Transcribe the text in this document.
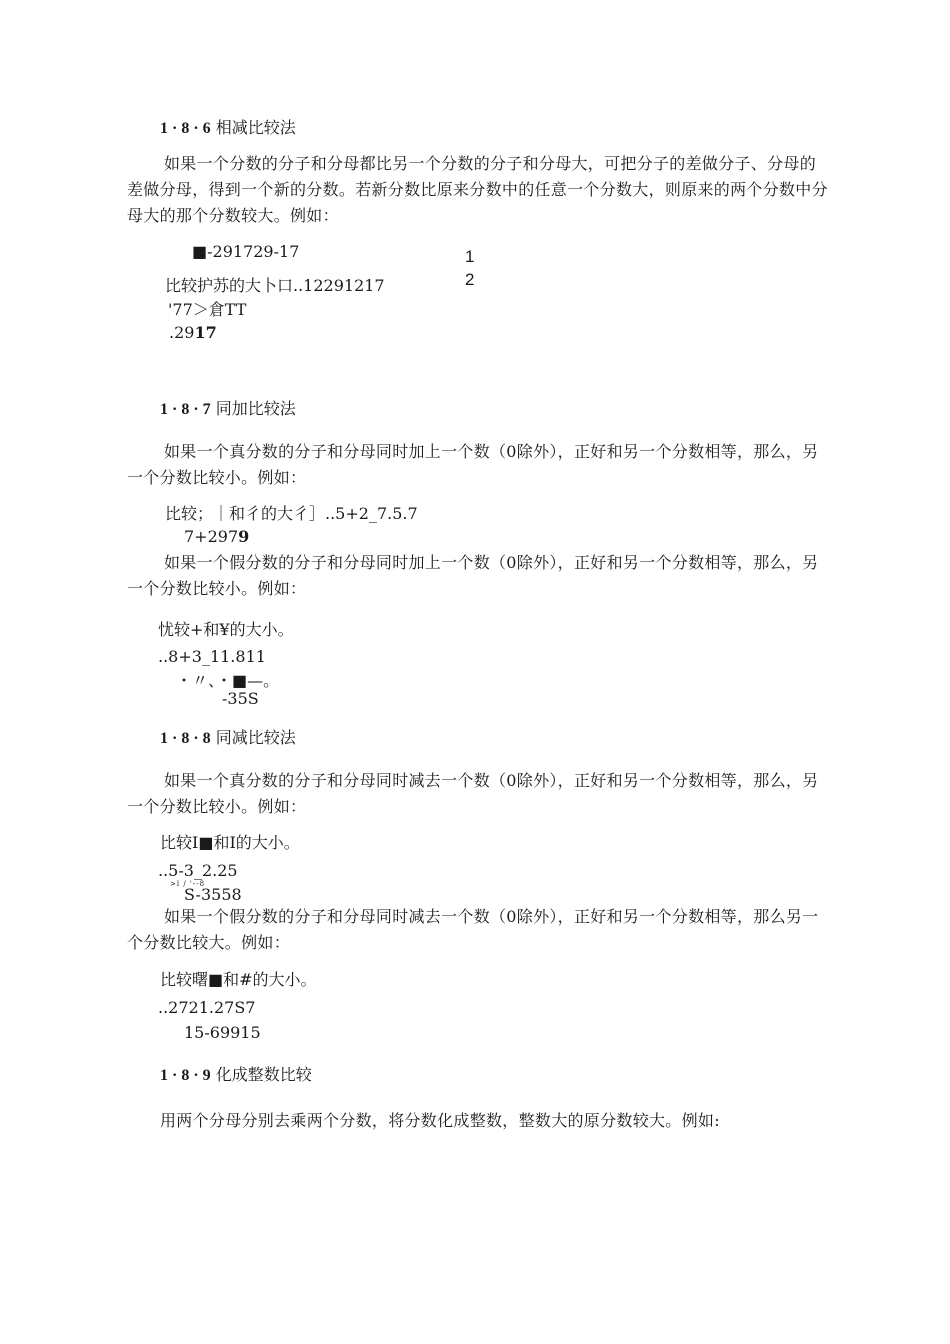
1 · 8 · 6 相减比较法
如果一个分数的分子和分母都比另一个分数的分子和分母大，可把分子的差做分子、分母的差做分母，得到一个新的分数。若新分数比原来分数中的任意一个分数大，则原来的两个分数中分母大的那个分数较大。例如：
■-291729-17
比较护苏的大卜口..12291217
'77＞倉TT
.2917
1
2
1 · 8 · 7 同加比较法
如果一个真分数的分子和分母同时加上一个数（0除外），正好和另一个分数相等，那么，另一个分数比较小。例如：
比较；｜和彳的大彳］..5+2_7.5.7
7+2979
如果一个假分数的分子和分母同时加上一个数（0除外），正好和另一个分数相等，那么，另一个分数比较小。例如：
忧较+和¥的大小。
..8+3_11.811
・〃、・■—。
-35S
1 · 8 · 8 同减比较法
如果一个真分数的分子和分母同时减去一个数（0除外），正好和另一个分数相等，那么，另一个分数比较小。例如：
比较I■和I的大小。
..5-3_2.25
>l / '--8
S-3558
如果一个假分数的分子和分母同时减去一个数（0除外），正好和另一个分数相等，那么另一个分数比较大。例如：
比较曙■和#的大小。
..2721.27S7
15-69915
1 · 8 · 9 化成整数比较
用两个分母分别去乘两个分数，将分数化成整数，整数大的原分数较大。例如:
